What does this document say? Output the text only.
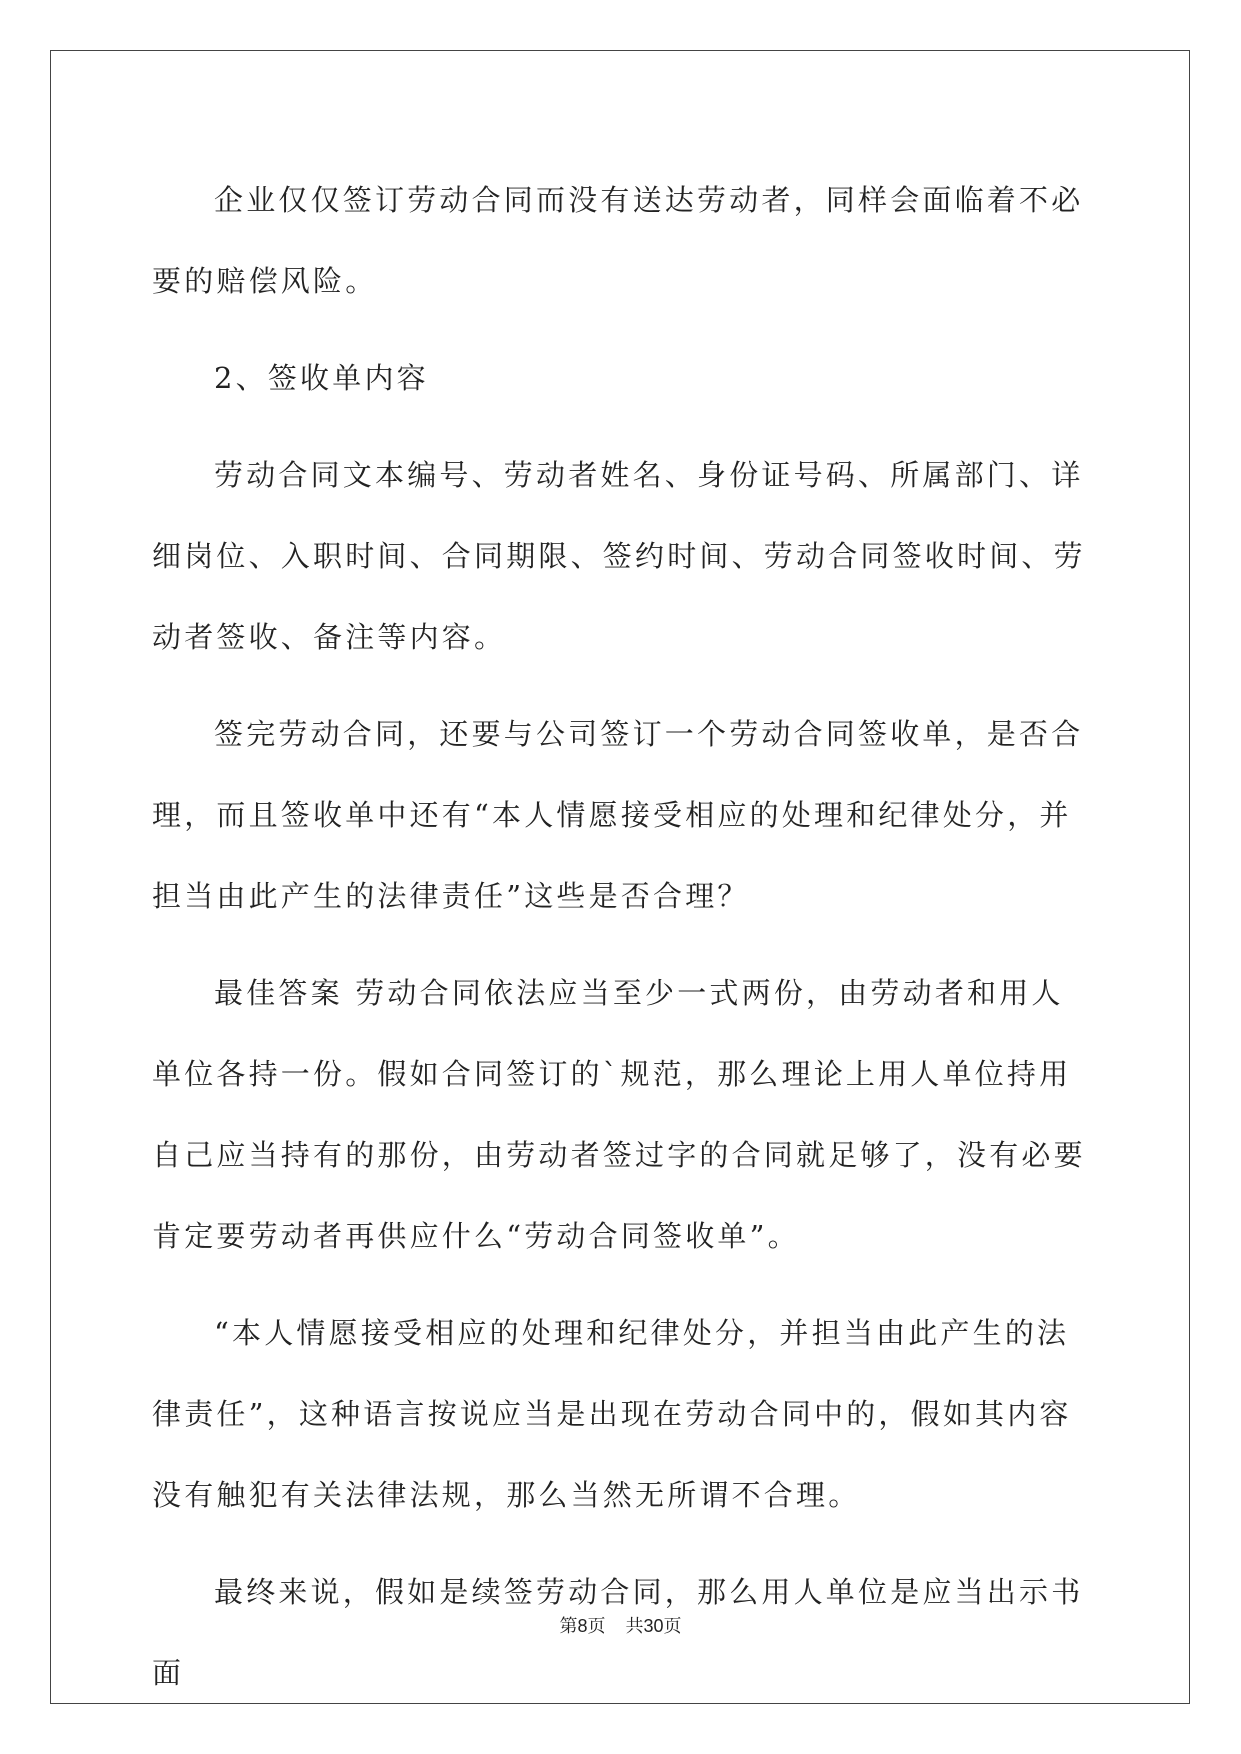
企业仅仅签订劳动合同而没有送达劳动者，同样会面临着不必要的赔偿风险。

2、签收单内容

劳动合同文本编号、劳动者姓名、身份证号码、所属部门、详细岗位、入职时间、合同期限、签约时间、劳动合同签收时间、劳动者签收、备注等内容。

签完劳动合同，还要与公司签订一个劳动合同签收单，是否合理，而且签收单中还有“本人情愿接受相应的处理和纪律处分，并担当由此产生的法律责任”这些是否合理？

最佳答案 劳动合同依法应当至少一式两份，由劳动者和用人单位各持一份。假如合同签订的`规范，那么理论上用人单位持用自己应当持有的那份，由劳动者签过字的合同就足够了，没有必要肯定要劳动者再供应什么“劳动合同签收单”。

“本人情愿接受相应的处理和纪律处分，并担当由此产生的法律责任”，这种语言按说应当是出现在劳动合同中的，假如其内容没有触犯有关法律法规，那么当然无所谓不合理。

最终来说，假如是续签劳动合同，那么用人单位是应当出示书面

第8页 共30页
